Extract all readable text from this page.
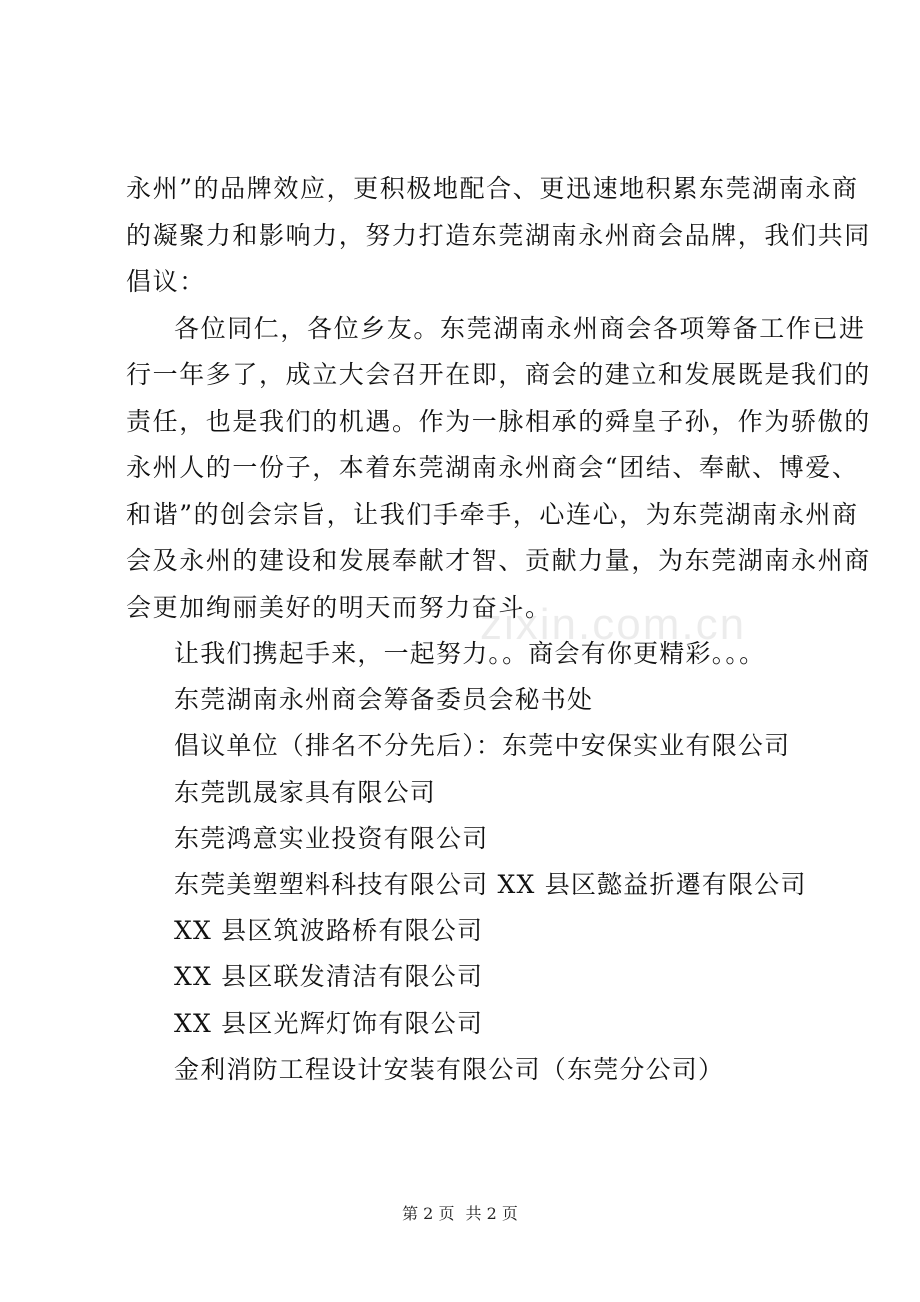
zixin.com.cn
永州”的品牌效应，更积极地配合、更迅速地积累东莞湖南永商
的凝聚力和影响力，努力打造东莞湖南永州商会品牌，我们共同
倡议：
各位同仁，各位乡友。东莞湖南永州商会各项筹备工作已进
行一年多了，成立大会召开在即，商会的建立和发展既是我们的
责任，也是我们的机遇。作为一脉相承的舜皇子孙，作为骄傲的
永州人的一份子，本着东莞湖南永州商会“团结、奉献、博爱、
和谐”的创会宗旨，让我们手牵手，心连心，为东莞湖南永州商
会及永州的建设和发展奉献才智、贡献力量，为东莞湖南永州商
会更加绚丽美好的明天而努力奋斗。
让我们携起手来，一起努力。。商会有你更精彩。。。
东莞湖南永州商会筹备委员会秘书处
倡议单位（排名不分先后）：东莞中安保实业有限公司
东莞凯晟家具有限公司
东莞鸿意实业投资有限公司
东莞美塑塑料科技有限公司 XX 县区懿益折遷有限公司
XX 县区筑波路桥有限公司
XX 县区联发清洁有限公司
XX 县区光辉灯饰有限公司
金利消防工程设计安装有限公司（东莞分公司）
第 2 页 共 2 页
